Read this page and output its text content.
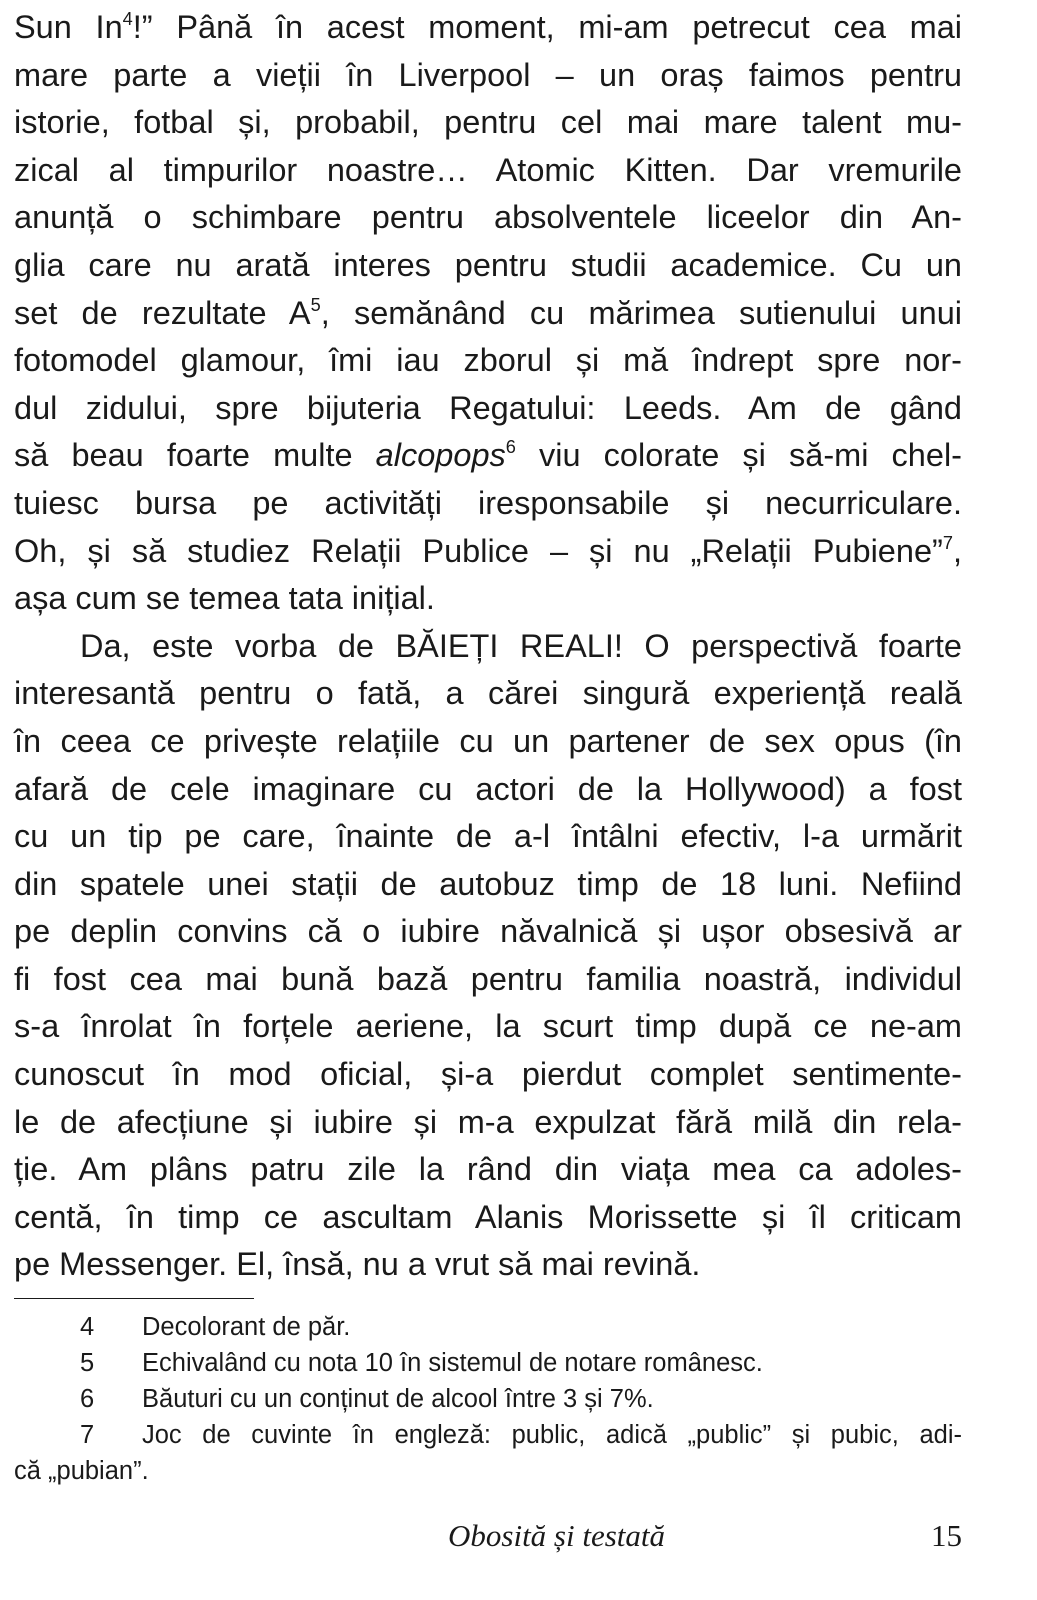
Sun In$^4$!” Până în acest moment, mi-am petrecut cea mai
mare parte a vieții în Liverpool – un oraș faimos pentru
istorie, fotbal și, probabil, pentru cel mai mare talent mu-
zical al timpurilor noastre… Atomic Kitten. Dar vremurile
anunță o schimbare pentru absolventele liceelor din An-
glia care nu arată interes pentru studii academice. Cu un
set de rezultate $A^5$, semănând cu mărimea sutienului unui
fotomodel glamour, îmi iau zborul și mă îndrept spre nor-
dul zidului, spre bijuteria Regatului: Leeds. Am de gând
să beau foarte multe alcopops$^6$ viu colorate și să-mi chel-
tuiesc bursa pe activități iresponsabile și necurriculare.
Oh, și să studiez Relații Publice – și nu „Relații Pubiene”$^7$,
așa cum se temea tata inițial.
Da, este vorba de BĂIEȚI REALI! O perspectivă foarte
interesantă pentru o fată, a cărei singură experiență reală
în ceea ce privește relațiile cu un partener de sex opus (în
afară de cele imaginare cu actori de la Hollywood) a fost
cu un tip pe care, înainte de a-l întâlni efectiv, l-a urmărit
din spatele unei stații de autobuz timp de 18 luni. Nefiind
pe deplin convins că o iubire năvalnică și ușor obsesivă ar
fi fost cea mai bună bază pentru familia noastră, individul
s-a înrolat în forțele aeriene, la scurt timp după ce ne-am
cunoscut în mod oficial, și-a pierdut complet sentimente-
le de afecțiune și iubire și m-a expulzat fără milă din rela-
ție. Am plâns patru zile la rând din viața mea ca adoles-
centă, în timp ce ascultam Alanis Morissette și îl criticam
pe Messenger. El, însă, nu a vrut să mai revină.
4 Decolorant de păr.
5 Echivalând cu nota 10 în sistemul de notare românesc.
6 Băuturi cu un conținut de alcool între 3 și 7%.
7 Joc de cuvinte în engleză: public, adică „public” și pubic, adi-
că „pubian”.
Obosită și testată	15
